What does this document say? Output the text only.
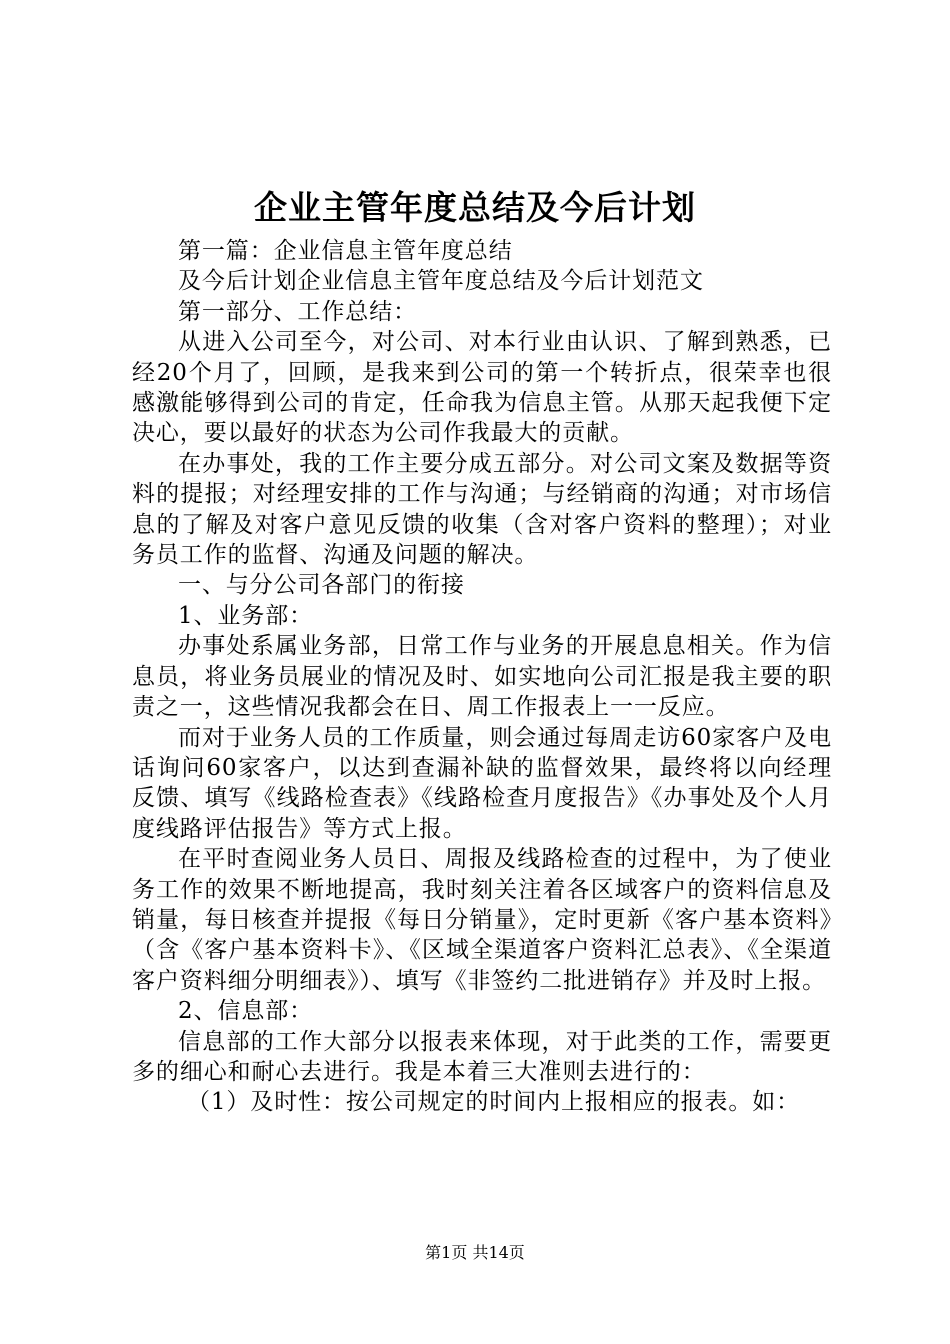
企业主管年度总结及今后计划

第一篇：企业信息主管年度总结

及今后计划企业信息主管年度总结及今后计划范文

第一部分、工作总结：

从进入公司至今，对公司、对本行业由认识、了解到熟悉，已经20个月了，回顾，是我来到公司的第一个转折点，很荣幸也很感激能够得到公司的肯定，任命我为信息主管。从那天起我便下定决心，要以最好的状态为公司作我最大的贡献。

在办事处，我的工作主要分成五部分。对公司文案及数据等资料的提报；对经理安排的工作与沟通；与经销商的沟通；对市场信息的了解及对客户意见反馈的收集（含对客户资料的整理）；对业务员工作的监督、沟通及问题的解决。

一、与分公司各部门的衔接

1、业务部：

办事处系属业务部，日常工作与业务的开展息息相关。作为信息员，将业务员展业的情况及时、如实地向公司汇报是我主要的职责之一，这些情况我都会在日、周工作报表上一一反应。

而对于业务人员的工作质量，则会通过每周走访60家客户及电话询问60家客户，以达到查漏补缺的监督效果，最终将以向经理反馈、填写《线路检查表》《线路检查月度报告》《办事处及个人月度线路评估报告》等方式上报。

在平时查阅业务人员日、周报及线路检查的过程中，为了使业务工作的效果不断地提高，我时刻关注着各区域客户的资料信息及销量，每日核查并提报《每日分销量》，定时更新《客户基本资料》（含《客户基本资料卡》、《区域全渠道客户资料汇总表》、《全渠道客户资料细分明细表》）、填写《非签约二批进销存》并及时上报。

2、信息部：

信息部的工作大部分以报表来体现，对于此类的工作，需要更多的细心和耐心去进行。我是本着三大准则去进行的：

（1）及时性：按公司规定的时间内上报相应的报表。如：

第1页 共14页
